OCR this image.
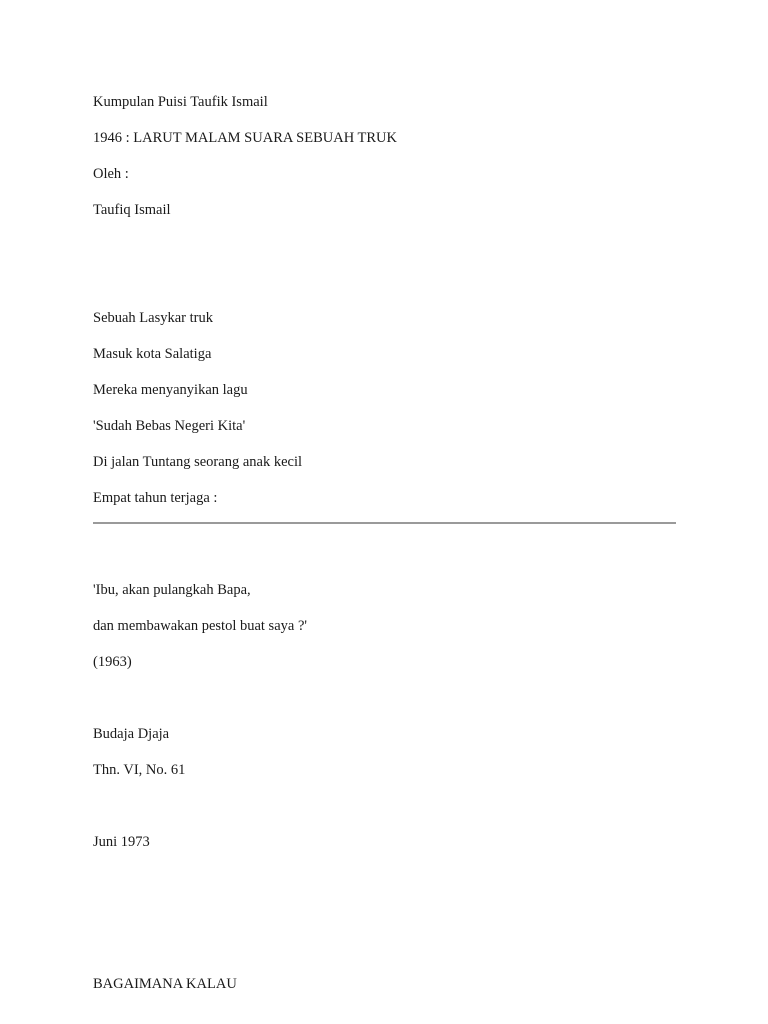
Kumpulan Puisi Taufik Ismail

1946 : LARUT MALAM SUARA SEBUAH TRUK

Oleh :

Taufiq Ismail

Sebuah Lasykar truk

Masuk kota Salatiga

Mereka menyanyikan lagu

'Sudah Bebas Negeri Kita'

Di jalan Tuntang seorang anak kecil

Empat tahun terjaga :

'Ibu, akan pulangkah Bapa,

dan membawakan pestol buat saya ?'

(1963)

Budaja Djaja

Thn. VI, No. 61

Juni 1973

BAGAIMANA KALAU
